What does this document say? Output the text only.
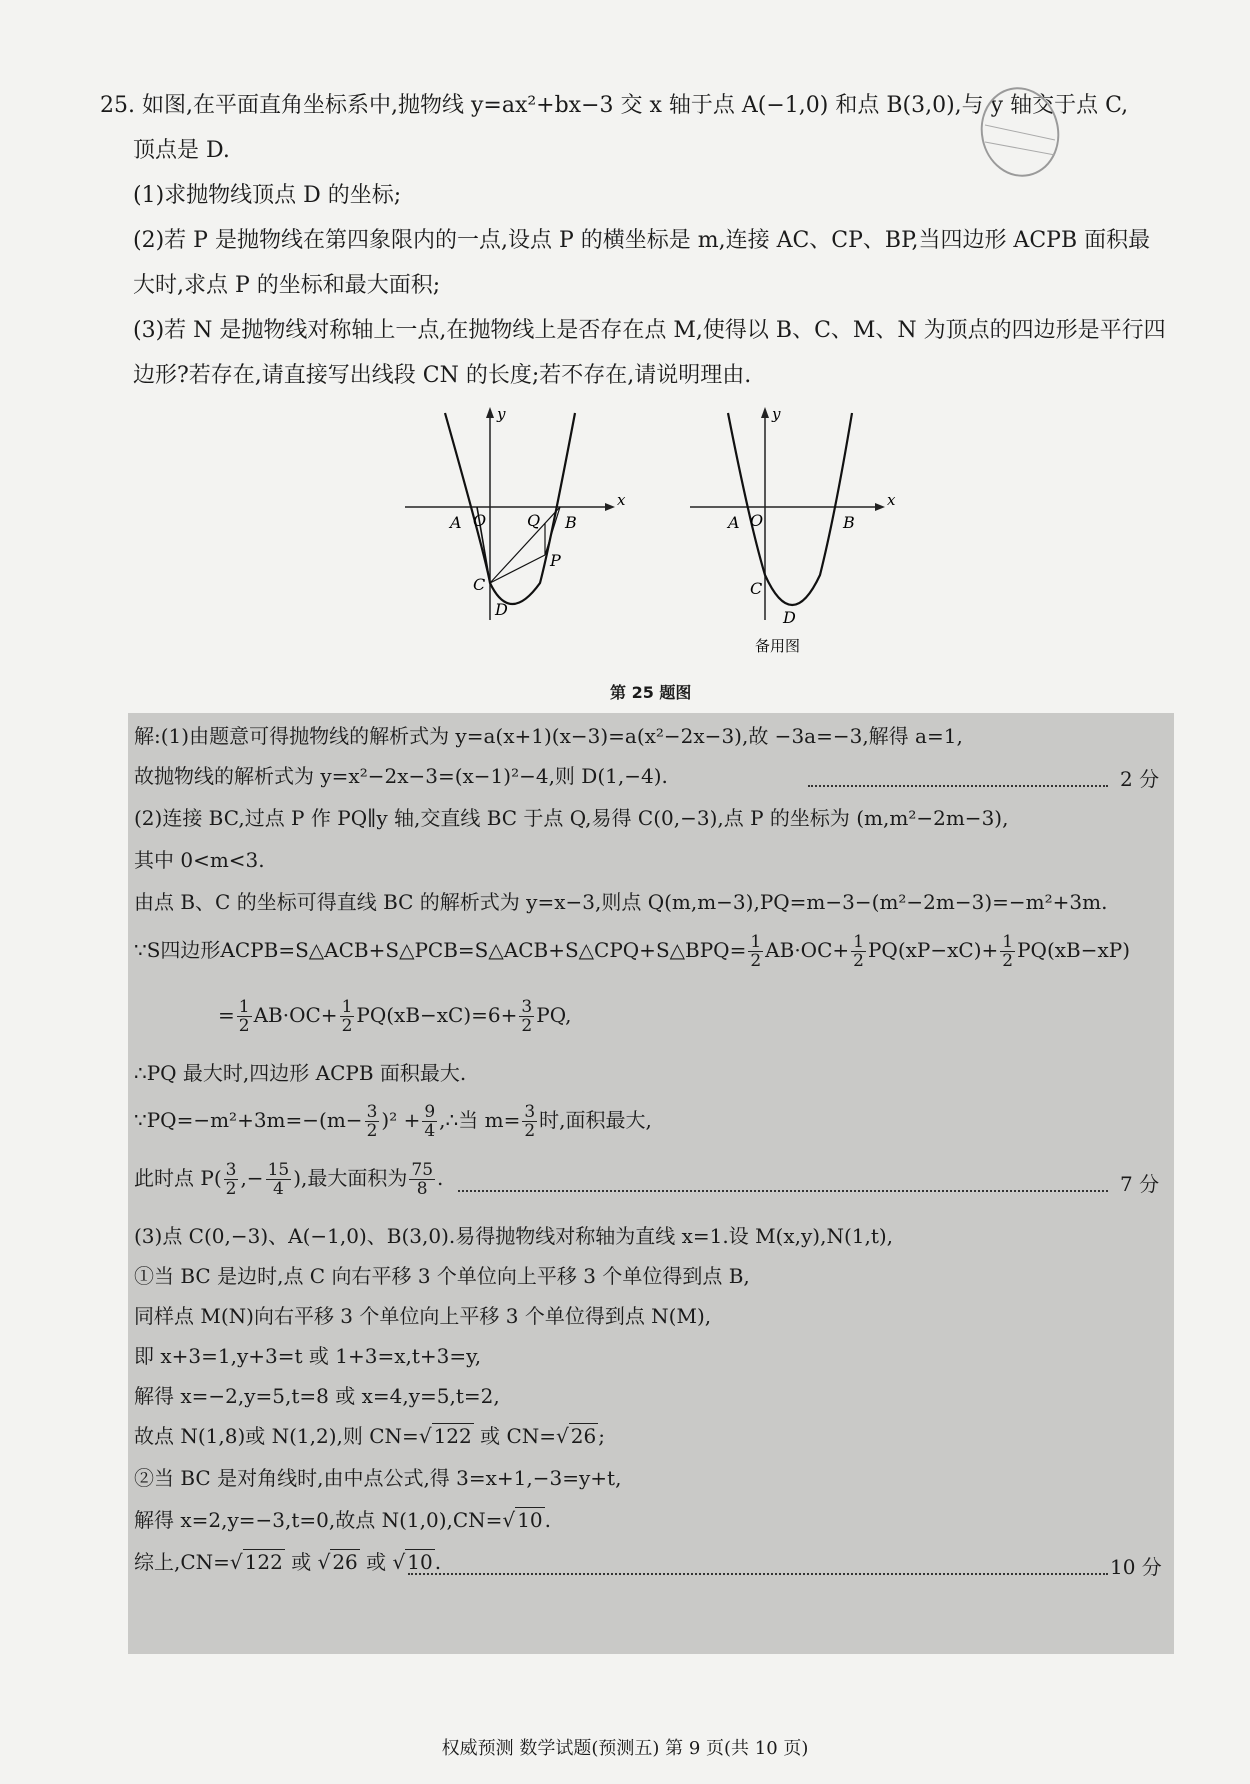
25. 如图,在平面直角坐标系中,抛物线 y=ax²+bx−3 交 x 轴于点 A(−1,0) 和点 B(3,0),与 y 轴交于点 C,
顶点是 D.
(1)求抛物线顶点 D 的坐标;
(2)若 P 是抛物线在第四象限内的一点,设点 P 的横坐标是 m,连接 AC、CP、BP,当四边形 ACPB 面积最
大时,求点 P 的坐标和最大面积;
(3)若 N 是抛物线对称轴上一点,在抛物线上是否存在点 M,使得以 B、C、M、N 为顶点的四边形是平行四
边形?若存在,请直接写出线段 CN 的长度;若不存在,请说明理由.
x
y
A O	Q B
P
C
D
x
y
A O	B
C
D
备用图
第 25 题图
解:(1)由题意可得抛物线的解析式为 y=a(x+1)(x−3)=a(x²−2x−3),故 −3a=−3,解得 a=1,
故抛物线的解析式为 y=x²−2x−3=(x−1)²−4,则 D(1,−4).	2 分
(2)连接 BC,过点 P 作 PQ∥y 轴,交直线 BC 于点 Q,易得 C(0,−3),点 P 的坐标为 (m,m²−2m−3),
其中 0<m<3.
由点 B、C 的坐标可得直线 BC 的解析式为 y=x−3,则点 Q(m,m−3),PQ=m−3−(m²−2m−3)=−m²+3m.
∵S四边形ACPB=S△ACB+S△PCB=S△ACB+S△CPQ+S△BPQ= $\frac{1}{2} AB\cdot OC+ \frac{1}{2} PQ(xP-xC)+ \frac{1}{2} PQ(xB-xP)$
= $\frac{1}{2} AB\cdot OC+ \frac{1}{2} PQ(xB-xC)=6+ \frac{3}{2}$ PQ,
∴PQ 最大时,四边形 ACPB 面积最大.
∵PQ=−m²+3m=−(m− $\frac{3}{2} )^2 + \frac{9}{4}$ ,∴当 $m= \frac{3}{2}$ 时,面积最大,
此时点 $P( \frac{3}{2}$ ,− $\frac{15}{4}$ ),最大面积为 $\frac{75}{8}$ .	7 分
(3)点 C(0,−3)、A(−1,0)、B(3,0).易得抛物线对称轴为直线 x=1.设 M(x,y),N(1,t),
①当 BC 是边时,点 C 向右平移 3 个单位向上平移 3 个单位得到点 B,
同样点 M(N)向右平移 3 个单位向上平移 3 个单位得到点 N(M),
即 x+3=1,y+3=t 或 1+3=x,t+3=y,
解得 x=−2,y=5,t=8 或 x=4,y=5,t=2,
故点 N(1,8)或 N(1,2),则 CN=√ 122 或 CN=√ 26 ;
②当 BC 是对角线时,由中点公式,得 3=x+1,−3=y+t,
解得 x=2,y=−3,t=0,故点 N(1,0),CN=√ 10 .
综上,CN=√ 122 或 √ 26 或 √ 10 .	10 分
权威预测 数学试题(预测五) 第 9 页(共 10 页)
